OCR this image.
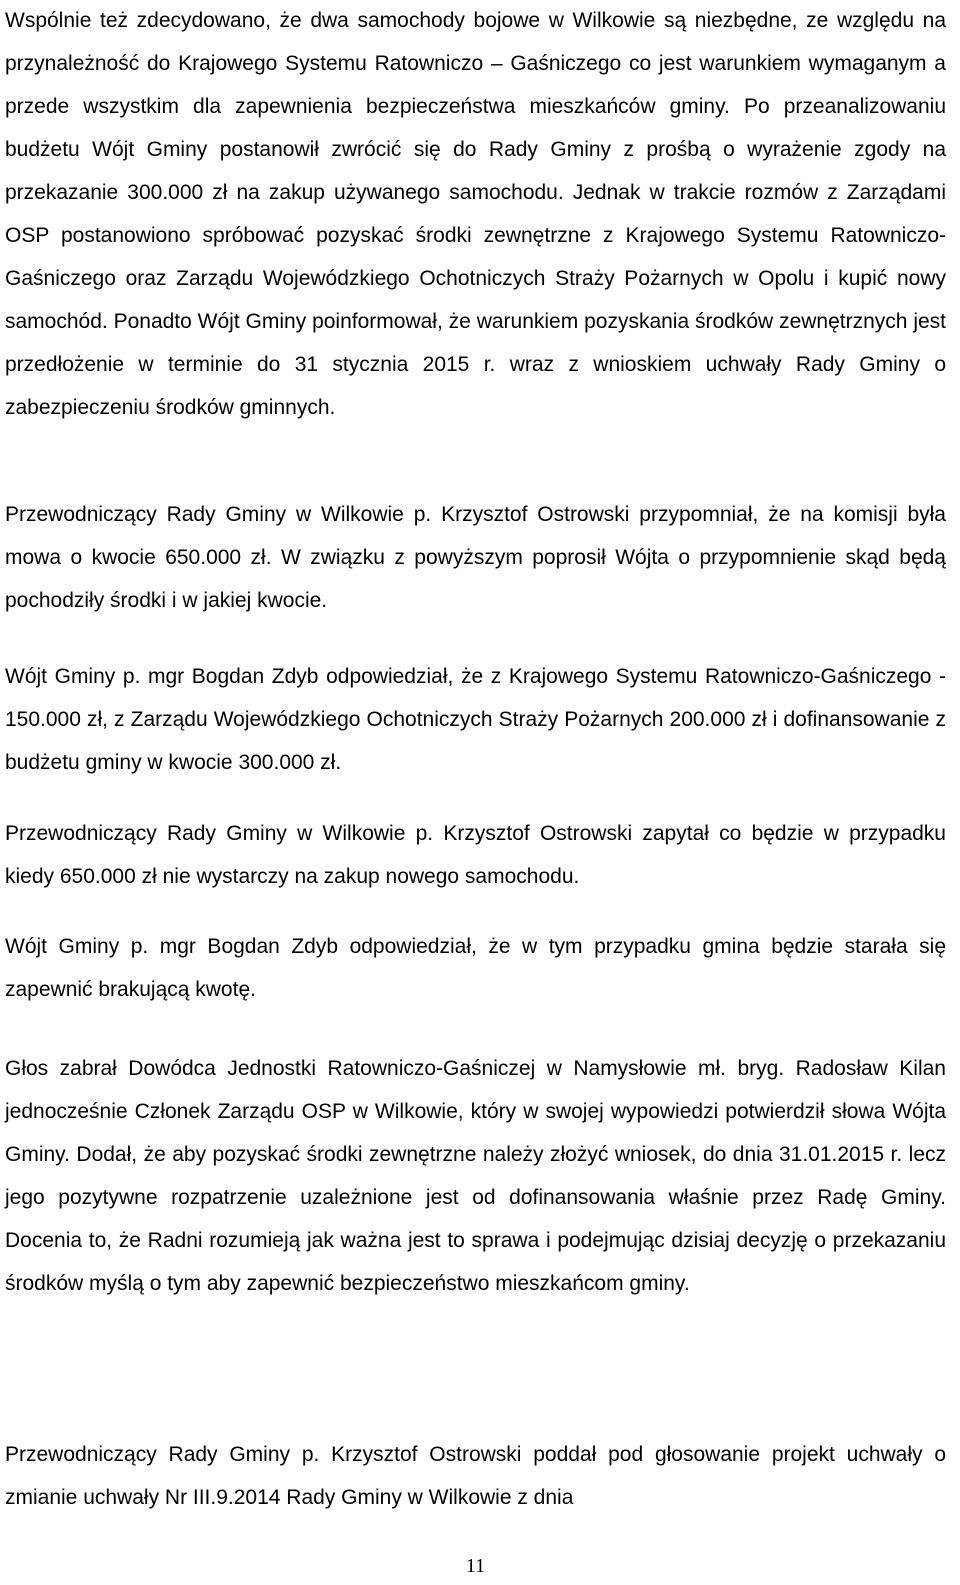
Wspólnie też zdecydowano, że dwa samochody bojowe w Wilkowie są niezbędne, ze względu na przynależność do Krajowego Systemu Ratowniczo – Gaśniczego co jest warunkiem wymaganym a przede wszystkim dla zapewnienia bezpieczeństwa mieszkańców gminy. Po przeanalizowaniu budżetu Wójt Gminy postanowił zwrócić się do Rady Gminy z prośbą o wyrażenie zgody na przekazanie 300.000 zł na zakup używanego samochodu. Jednak w trakcie rozmów z Zarządami OSP postanowiono spróbować pozyskać środki zewnętrzne z Krajowego Systemu Ratowniczo-Gaśniczego oraz Zarządu Wojewódzkiego Ochotniczych Straży Pożarnych w Opolu i kupić nowy samochód. Ponadto Wójt Gminy poinformował, że warunkiem pozyskania środków zewnętrznych jest przedłożenie w terminie do 31 stycznia 2015 r. wraz z wnioskiem uchwały Rady Gminy o zabezpieczeniu środków gminnych.

Przewodniczący Rady Gminy w Wilkowie p. Krzysztof Ostrowski przypomniał, że na komisji była mowa o kwocie 650.000 zł. W związku z powyższym poprosił Wójta o przypomnienie skąd będą pochodziły środki i w jakiej kwocie.

Wójt Gminy p. mgr Bogdan Zdyb odpowiedział, że z Krajowego Systemu Ratowniczo-Gaśniczego - 150.000 zł, z Zarządu Wojewódzkiego Ochotniczych Straży Pożarnych 200.000 zł i dofinansowanie z budżetu gminy w kwocie 300.000 zł.

Przewodniczący Rady Gminy w Wilkowie p. Krzysztof Ostrowski zapytał co będzie w przypadku kiedy 650.000 zł nie wystarczy na zakup nowego samochodu.

Wójt Gminy p. mgr Bogdan Zdyb odpowiedział, że w tym przypadku gmina będzie starała się zapewnić brakującą kwotę.

Głos zabrał Dowódca Jednostki Ratowniczo-Gaśniczej w Namysłowie mł. bryg. Radosław Kilan jednocześnie Członek Zarządu OSP w Wilkowie, który w swojej wypowiedzi potwierdził słowa Wójta Gminy. Dodał, że aby pozyskać środki zewnętrzne należy złożyć wniosek, do dnia 31.01.2015 r. lecz jego pozytywne rozpatrzenie uzależnione jest od dofinansowania właśnie przez Radę Gminy. Docenia to, że Radni rozumieją jak ważna jest to sprawa i podejmując dzisiaj decyzję o przekazaniu środków myślą o tym aby zapewnić bezpieczeństwo mieszkańcom gminy.

Przewodniczący Rady Gminy p. Krzysztof Ostrowski poddał pod głosowanie projekt uchwały o zmianie uchwały Nr III.9.2014 Rady Gminy w Wilkowie z dnia

11
